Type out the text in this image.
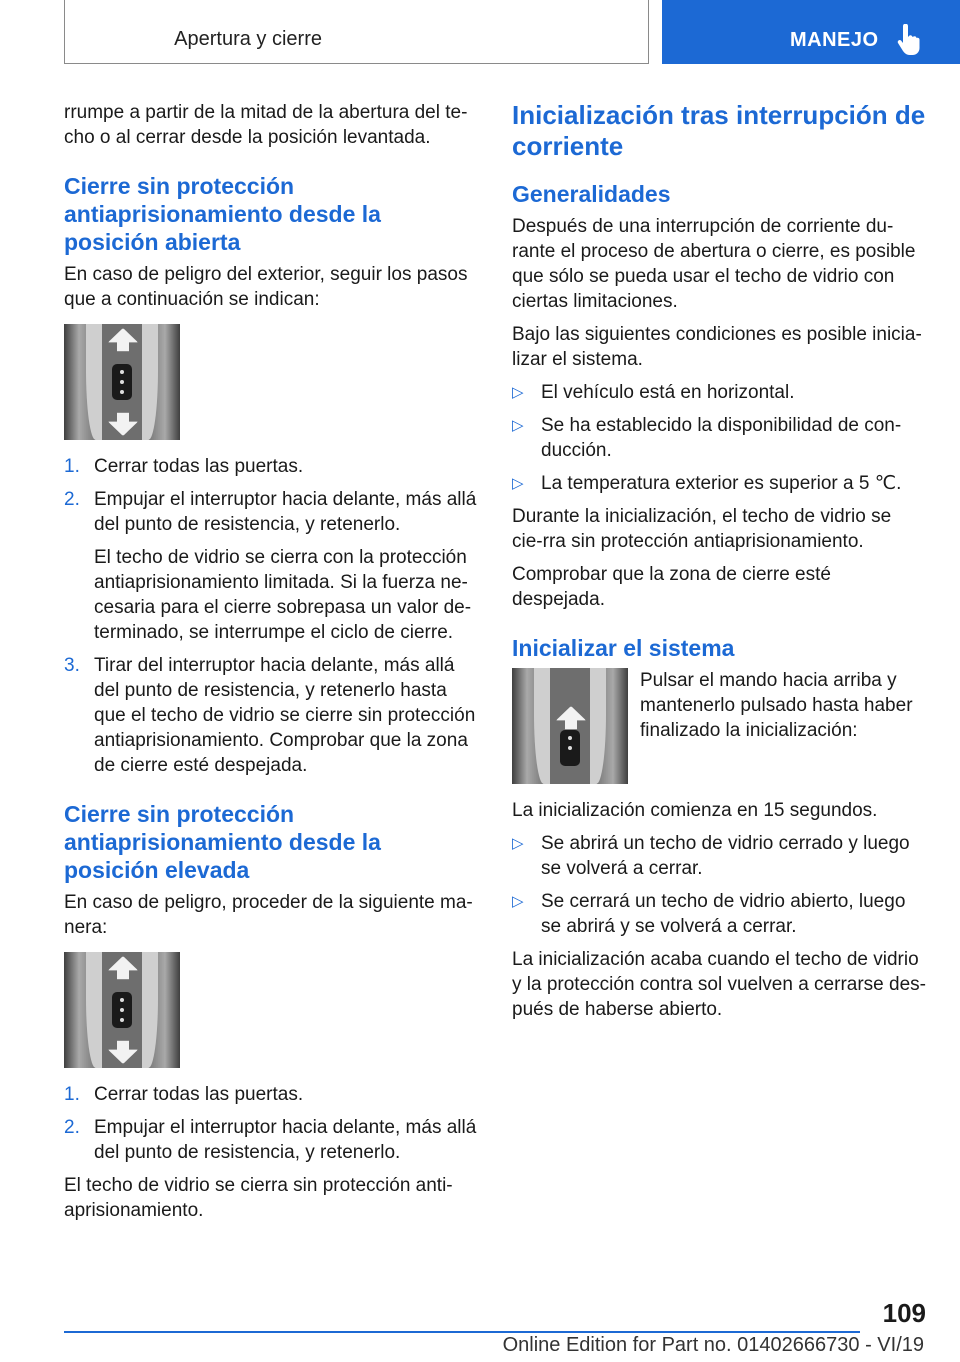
Apertura y cierre	MANEJO

rrumpe a partir de la mitad de la abertura del te‐cho o al cerrar desde la posición levantada.

Cierre sin protección antiaprisionamiento desde la posición abierta

En caso de peligro del exterior, seguir los pasos que a continuación se indican:

1. Cerrar todas las puertas.
2. Empujar el interruptor hacia delante, más allá del punto de resistencia, y retenerlo.
El techo de vidrio se cierra con la protección antiaprisionamiento limitada. Si la fuerza ne‐cesaria para el cierre sobrepasa un valor de‐terminado, se interrumpe el ciclo de cierre.
3. Tirar del interruptor hacia delante, más allá del punto de resistencia, y retenerlo hasta que el techo de vidrio se cierre sin protección antiaprisionamiento. Comprobar que la zona de cierre esté despejada.
Cierre sin protección antiaprisionamiento desde la posición elevada

En caso de peligro, proceder de la siguiente ma‐nera:

1. Cerrar todas las puertas.
2. Empujar el interruptor hacia delante, más allá del punto de resistencia, y retenerlo.

El techo de vidrio se cierra sin protección anti‐aprisionamiento.

Inicialización tras interrupción de corriente
Generalidades

Después de una interrupción de corriente du‐rante el proceso de abertura o cierre, es posible que sólo se pueda usar el techo de vidrio con ciertas limitaciones.

Bajo las siguientes condiciones es posible inicia‐lizar el sistema.

▷ El vehículo está en horizontal.
▷ Se ha establecido la disponibilidad de con‐ducción.
▷ La temperatura exterior es superior a 5 ℃.

Durante la inicialización, el techo de vidrio se cie‐rra sin protección antiaprisionamiento.

Comprobar que la zona de cierre esté despejada.

Inicializar el sistema

Pulsar el mando hacia arriba y mantenerlo pulsado hasta haber finalizado la inicialización:

La inicialización comienza en 15 segundos.

▷ Se abrirá un techo de vidrio cerrado y luego se volverá a cerrar.
▷ Se cerrará un techo de vidrio abierto, luego se abrirá y se volverá a cerrar.

La inicialización acaba cuando el techo de vidrio y la protección contra sol vuelven a cerrarse des‐pués de haberse abierto.

109
Online Edition for Part no. 01402666730 - VI/19
